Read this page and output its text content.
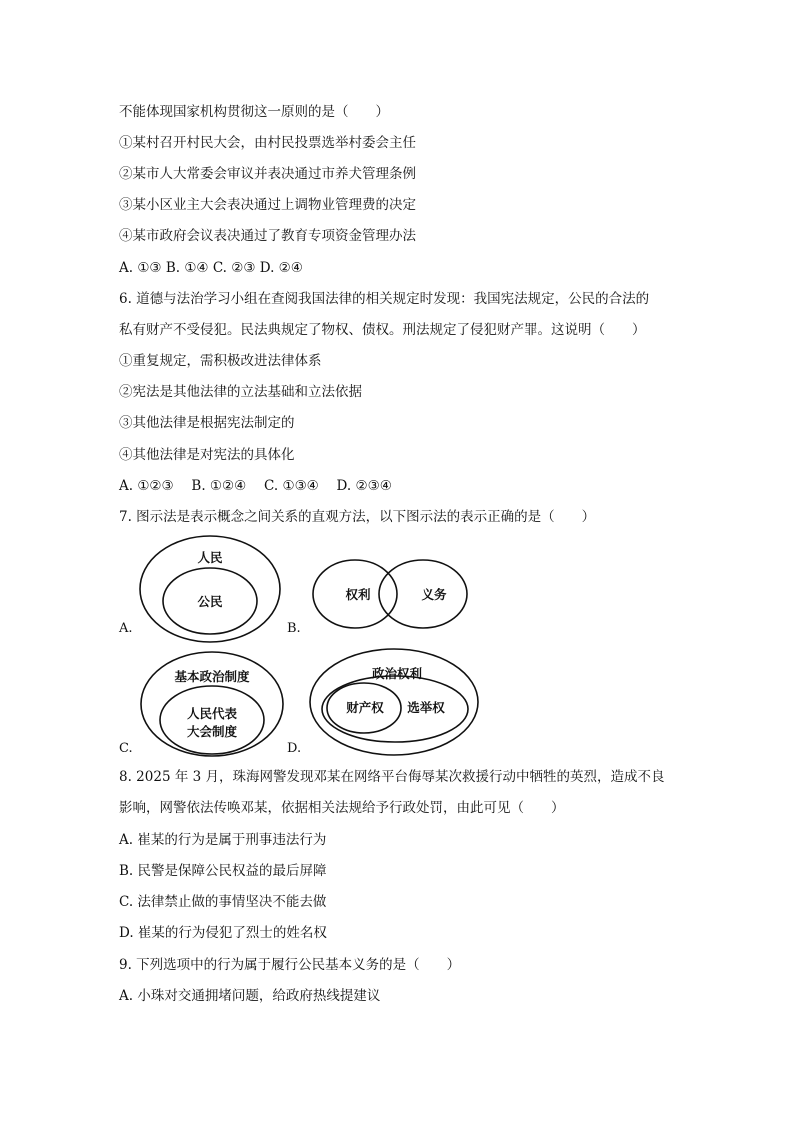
不能体现国家机构贯彻这一原则的是（　　）
①某村召开村民大会，由村民投票选举村委会主任
②某市人大常委会审议并表决通过市养犬管理条例
③某小区业主大会表决通过上调物业管理费的决定
④某市政府会议表决通过了教育专项资金管理办法
A. ①③ B. ①④ C. ②③ D. ②④
6. 道德与法治学习小组在查阅我国法律的相关规定时发现：我国宪法规定，公民的合法的
私有财产不受侵犯。民法典规定了物权、债权。刑法规定了侵犯财产罪。这说明（　　）
①重复规定，需积极改进法律体系
②宪法是其他法律的立法基础和立法依据
③其他法律是根据宪法制定的
④其他法律是对宪法的具体化
A. ①②③　 B. ①②④　 C. ①③④　 D. ②③④
7. 图示法是表示概念之间关系的直观方法，以下图示法的表示正确的是（　　）
人民
公民
A.
权利	义务
B.
基本政治制度
人民代表
大会制度
C.
政治权利
财产权 选举权
D.
8. 2025 年 3 月，珠海网警发现邓某在网络平台侮辱某次救援行动中牺牲的英烈，造成不良
影响，网警依法传唤邓某，依据相关法规给予行政处罚，由此可见（　　）
A. 崔某的行为是属于刑事违法行为
B. 民警是保障公民权益的最后屏障
C. 法律禁止做的事情坚决不能去做
D. 崔某的行为侵犯了烈士的姓名权
9. 下列选项中的行为属于履行公民基本义务的是（　　）
A. 小珠对交通拥堵问题，给政府热线提建议
